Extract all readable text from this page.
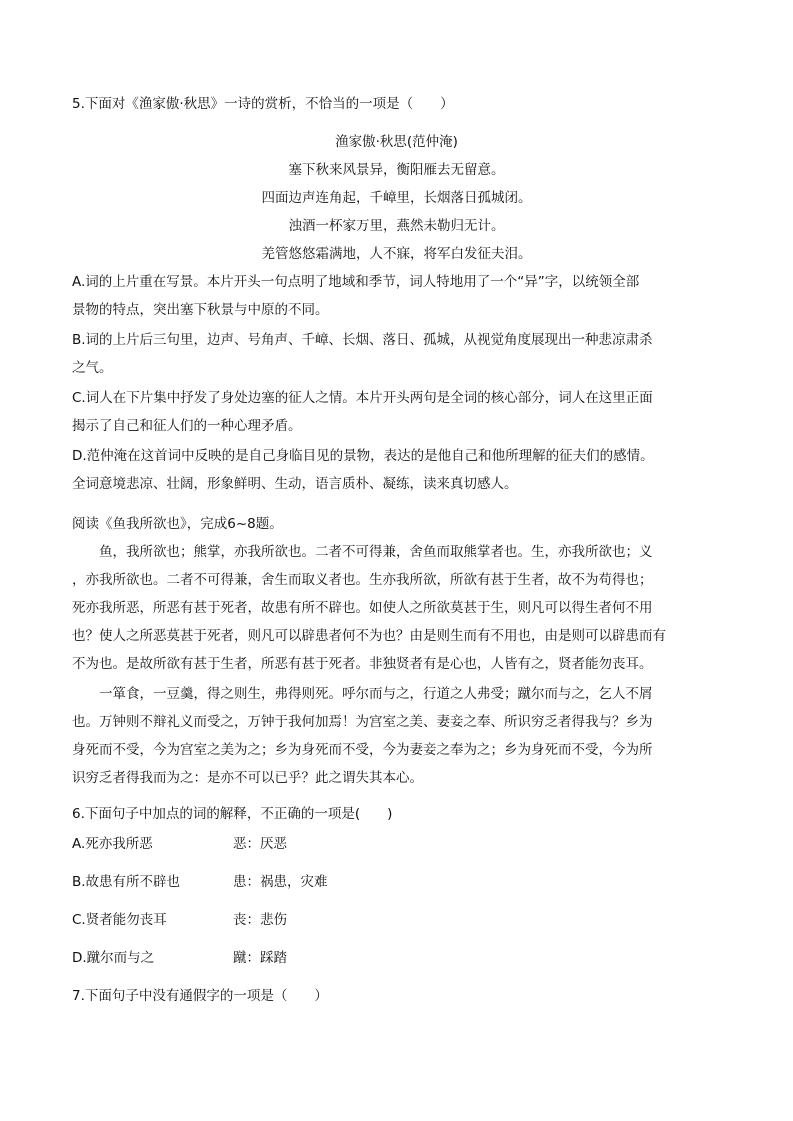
5.下面对《渔家傲·秋思》一诗的赏析，不恰当的一项是（　　）
渔家傲·秋思(范仲淹)
塞下秋来风景异，衡阳雁去无留意。
四面边声连角起，千嶂里，长烟落日孤城闭。
浊酒一杯家万里，燕然未勒归无计。
羌管悠悠霜满地，人不寐，将军白发征夫泪。
A.词的上片重在写景。本片开头一句点明了地域和季节，词人特地用了一个“异”字，以统领全部
景物的特点，突出塞下秋景与中原的不同。
B.词的上片后三句里，边声、号角声、千嶂、长烟、落日、孤城，从视觉角度展现出一种悲凉肃杀
之气。
C.词人在下片集中抒发了身处边塞的征人之情。本片开头两句是全词的核心部分，词人在这里正面
揭示了自己和征人们的一种心理矛盾。
D.范仲淹在这首词中反映的是自己身临目见的景物，表达的是他自己和他所理解的征夫们的感情。
全词意境悲凉、壮阔，形象鲜明、生动，语言质朴、凝练，读来真切感人。
阅读《鱼我所欲也》，完成6~8题。
　　鱼，我所欲也；熊掌，亦我所欲也。二者不可得兼，舍鱼而取熊掌者也。生，亦我所欲也；义
，亦我所欲也。二者不可得兼，舍生而取义者也。生亦我所欲，所欲有甚于生者，故不为苟得也；
死亦我所恶，所恶有甚于死者，故患有所不辟也。如使人之所欲莫甚于生，则凡可以得生者何不用
也？使人之所恶莫甚于死者，则凡可以辟患者何不为也？由是则生而有不用也，由是则可以辟患而有
不为也。是故所欲有甚于生者，所恶有甚于死者。非独贤者有是心也，人皆有之，贤者能勿丧耳。
　　一箪食，一豆羹，得之则生，弗得则死。呼尔而与之，行道之人弗受；蹴尔而与之，乞人不屑
也。万钟则不辩礼义而受之，万钟于我何加焉！为宫室之美、妻妾之奉、所识穷乏者得我与？乡为
身死而不受，今为宫室之美为之；乡为身死而不受，今为妻妾之奉为之；乡为身死而不受，今为所
识穷乏者得我而为之：是亦不可以已乎？此之谓失其本心。
6.下面句子中加点的词的解释，不正确的一项是(　　)
A.死亦我所恶	恶：厌恶
B.故患有所不辟也	患：祸患，灾难
C.贤者能勿丧耳	丧：悲伤
D.蹴尔而与之	蹴：踩踏
7.下面句子中没有通假字的一项是（　　）
